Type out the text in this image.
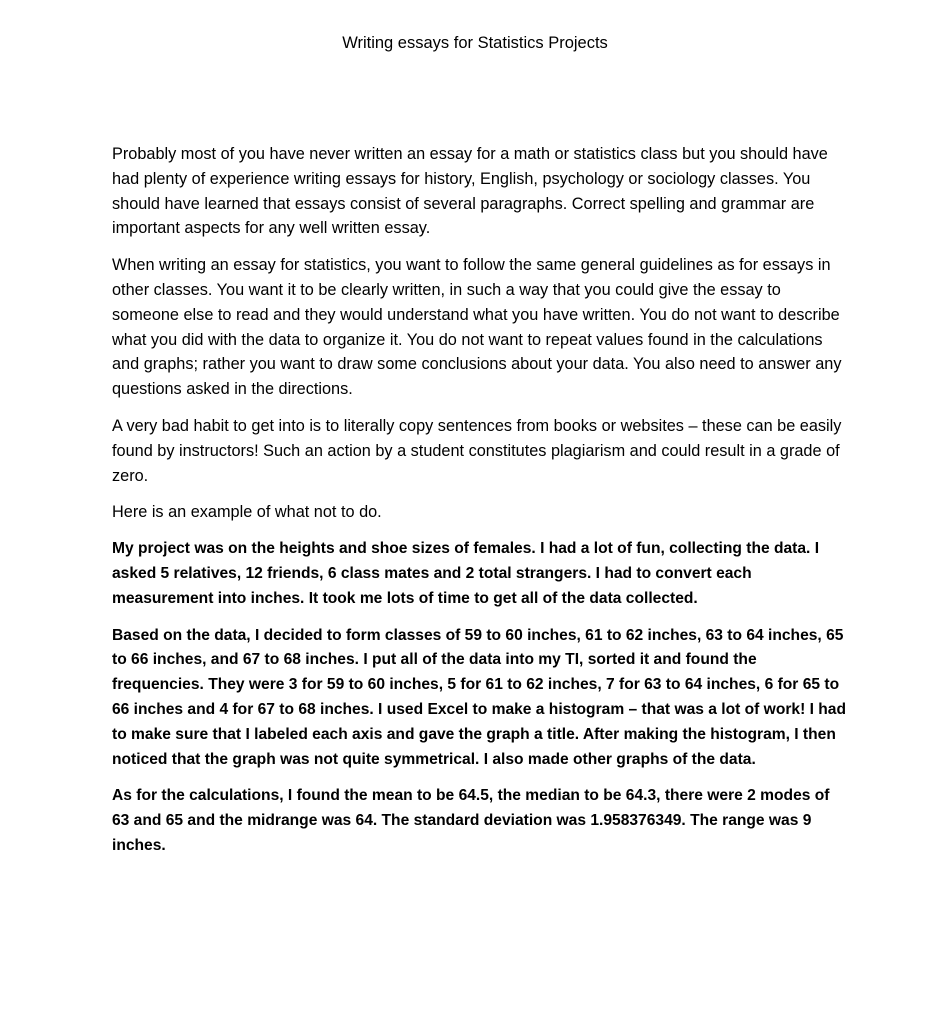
Writing essays for Statistics Projects

Probably most of you have never written an essay for a math or statistics class but you should have had plenty of experience writing essays for history, English, psychology or sociology classes. You should have learned that essays consist of several paragraphs. Correct spelling and grammar are important aspects for any well written essay.

When writing an essay for statistics, you want to follow the same general guidelines as for essays in other classes. You want it to be clearly written, in such a way that you could give the essay to someone else to read and they would understand what you have written. You do not want to describe what you did with the data to organize it. You do not want to repeat values found in the calculations and graphs; rather you want to draw some conclusions about your data. You also need to answer any questions asked in the directions.

A very bad habit to get into is to literally copy sentences from books or websites – these can be easily found by instructors! Such an action by a student constitutes plagiarism and could result in a grade of zero.

Here is an example of what not to do.

My project was on the heights and shoe sizes of females. I had a lot of fun, collecting the data. I asked 5 relatives, 12 friends, 6 class mates and 2 total strangers. I had to convert each measurement into inches. It took me lots of time to get all of the data collected.

Based on the data, I decided to form classes of 59 to 60 inches, 61 to 62 inches, 63 to 64 inches, 65 to 66 inches, and 67 to 68 inches. I put all of the data into my TI, sorted it and found the frequencies. They were 3 for 59 to 60 inches, 5 for 61 to 62 inches, 7 for 63 to 64 inches, 6 for 65 to 66 inches and 4 for 67 to 68 inches. I used Excel to make a histogram – that was a lot of work! I had to make sure that I labeled each axis and gave the graph a title. After making the histogram, I then noticed that the graph was not quite symmetrical. I also made other graphs of the data.

As for the calculations, I found the mean to be 64.5, the median to be 64.3, there were 2 modes of 63 and 65 and the midrange was 64. The standard deviation was 1.958376349. The range was 9 inches.
